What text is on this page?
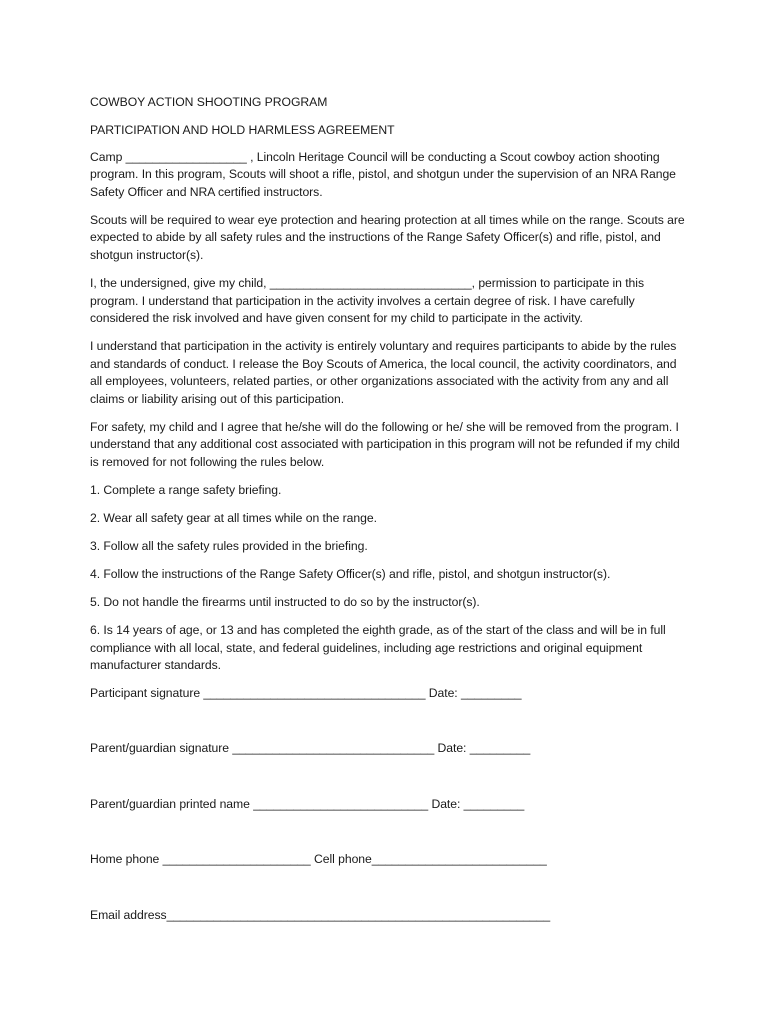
COWBOY ACTION SHOOTING PROGRAM

PARTICIPATION AND HOLD HARMLESS AGREEMENT

Camp __________________ , Lincoln Heritage Council will be conducting a Scout cowboy action shooting program. In this program, Scouts will shoot a rifle, pistol, and shotgun under the supervision of an NRA Range Safety Officer and NRA certified instructors.

Scouts will be required to wear eye protection and hearing protection at all times while on the range. Scouts are expected to abide by all safety rules and the instructions of the Range Safety Officer(s) and rifle, pistol, and shotgun instructor(s).

I, the undersigned, give my child, ______________________________, permission to participate in this program. I understand that participation in the activity involves a certain degree of risk. I have carefully considered the risk involved and have given consent for my child to participate in the activity.

I understand that participation in the activity is entirely voluntary and requires participants to abide by the rules and standards of conduct. I release the Boy Scouts of America, the local council, the activity coordinators, and all employees, volunteers, related parties, or other organizations associated with the activity from any and all claims or liability arising out of this participation.

For safety, my child and I agree that he/she will do the following or he/ she will be removed from the program. I understand that any additional cost associated with participation in this program will not be refunded if my child is removed for not following the rules below.

1. Complete a range safety briefing.

2. Wear all safety gear at all times while on the range.

3. Follow all the safety rules provided in the briefing.

4. Follow the instructions of the Range Safety Officer(s) and rifle, pistol, and shotgun instructor(s).

5. Do not handle the firearms until instructed to do so by the instructor(s).

6. Is 14 years of age, or 13 and has completed the eighth grade, as of the start of the class and will be in full compliance with all local, state, and federal guidelines, including age restrictions and original equipment manufacturer standards.

Participant signature _________________________________ Date: _________

Parent/guardian signature ______________________________ Date: _________

Parent/guardian printed name __________________________ Date: _________

Home phone ______________________ Cell phone__________________________

Email address_________________________________________________________
